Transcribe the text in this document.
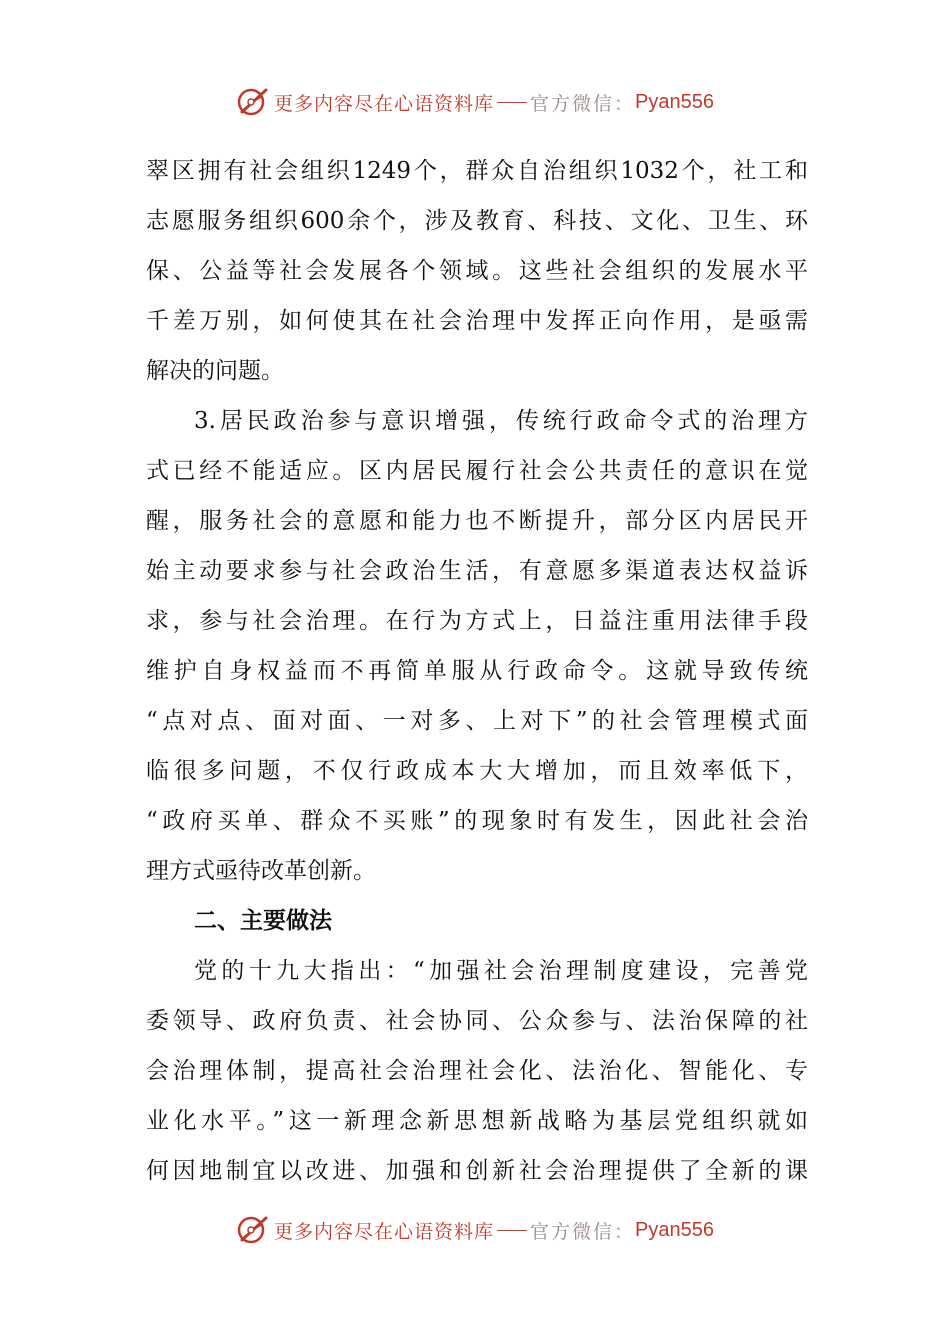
更多内容尽在心语资料库 官方微信： Pyan556
翠区拥有社会组织1249个，群众自治组织1032个，社工和
志愿服务组织600余个，涉及教育、科技、文化、卫生、环
保、公益等社会发展各个领域。这些社会组织的发展水平
千差万别，如何使其在社会治理中发挥正向作用，是亟需
解决的问题。
3.居民政治参与意识增强，传统行政命令式的治理方
式已经不能适应。区内居民履行社会公共责任的意识在觉
醒，服务社会的意愿和能力也不断提升，部分区内居民开
始主动要求参与社会政治生活，有意愿多渠道表达权益诉
求，参与社会治理。在行为方式上，日益注重用法律手段
维护自身权益而不再简单服从行政命令。这就导致传统
“点对点、面对面、一对多、上对下”的社会管理模式面
临很多问题，不仅行政成本大大增加，而且效率低下，
“政府买单、群众不买账”的现象时有发生，因此社会治
理方式亟待改革创新。
二、主要做法
党的十九大指出：“加强社会治理制度建设，完善党
委领导、政府负责、社会协同、公众参与、法治保障的社
会治理体制，提高社会治理社会化、法治化、智能化、专
业化水平。”这一新理念新思想新战略为基层党组织就如
何因地制宜以改进、加强和创新社会治理提供了全新的课
更多内容尽在心语资料库 官方微信： Pyan556
